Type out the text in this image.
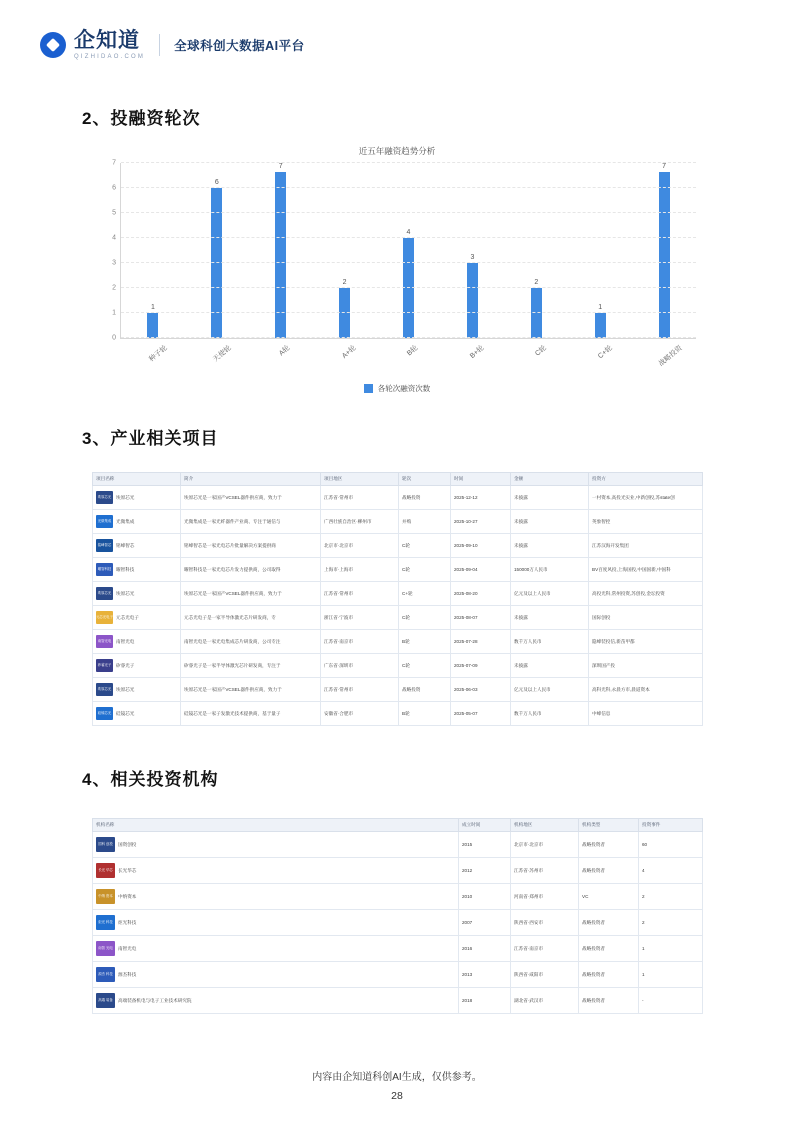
企知道
QIZHIDAO.COM
全球科创大数据AI平台
2、投融资轮次
近五年融资趋势分析
1
6
7
2
4
3
2
1
7
0
1
2
3
4
5
6
7
种子轮	天使轮	A轮	A+轮	B轮	B+轮	C轮	C+轮	战略投资
各轮次融资次数
3、产业相关项目
项目名称	简介	项目地区	轮次	时间	金额	投资方

埃原芯光 埃原芯光	埃原芯光是一家国产VCSEL器件供应商，致力于	江苏省·常州市	战略投资	2025-12-12	未披露	一村资本,高投光实业,中新创投,苏state创

光微集成 光微集成	光微集成是一家光纤器件产业商、专注于通信与	广西壮族自治区·柳州市	并购	2025-10-27	未披露	英象智控

铭峰智芯 铭峰智芯	铭峰智芯是一家光电芯片批量解决方案提供商	北京市·北京市	C轮	2025-09-10	未披露	江苏汉海开发集团

曜智科技 曜智科技	曜智科技是一家光电芯片发力提供商，公司取得	上海市·上海市	C轮	2025-09-04	150000万人民币	BV百度风投,上海国投,中国国新,中国科

埃原芯光 埃原芯光	埃原芯光是一家国产VCSEL器件供应商，致力于	江苏省·常州市	C+轮	2025-08-20	亿元及以上人民币	高投光科,常州投资,苏创投,金坛投资

元芯光电子 元芯光电子	元芯光电子是一家半导体激光芯片研发商，专	浙江省·宁波市	C轮	2025-08-07	未披露	国际创投

南智光电 南智光电	南智光电是一家光电集成芯片研发商，公司专注	江苏省·南京市	B轮	2025-07-28	数千万人民币	隐峰装投信,新苗甲都

矽睿光子 矽睿光子	矽睿光子是一家半导体激光芯片研发商，专注于	广东省·深圳市	C轮	2025-07-09	未披露	深圳国产投

埃原芯光 埃原芯光	埃原芯光是一家国产VCSEL器件供应商，致力于	江苏省·常州市	战略投资	2025-06-03	亿元及以上人民币	高科光科,永晨方市,晨道资本

硅镜芯光 硅镜芯光	硅镜芯光是一家子发激光技术提供商，基于量子	安徽省·合肥市	B轮	2025-05-07	数千万人民币	中峰信息
4、相关投资机构
机构名称	成立时间	机构地区	机构类型	投资事件

国科 创投 国资创投	2015	北京市·北京市	战略投资者	60

长光 华芯 长光华芯	2012	江苏省·苏州市	战略投资者	4

中纳 资本 中纳资本	2010	河南省·郑州市	VC	2

炬光 科技 炬光科技	2007	陕西省·西安市	战略投资者	2

南智 光电 南智光电	2016	江苏省·南京市	战略投资者	1

源杰 科技 源杰科技	2013	陕西省·咸阳市	战略投资者	1

高端 装备 高端装备机电与电子工业技术研究院	2018	湖北省·武汉市	战略投资者	-
内容由企知道科创AI生成，仅供参考。
28
